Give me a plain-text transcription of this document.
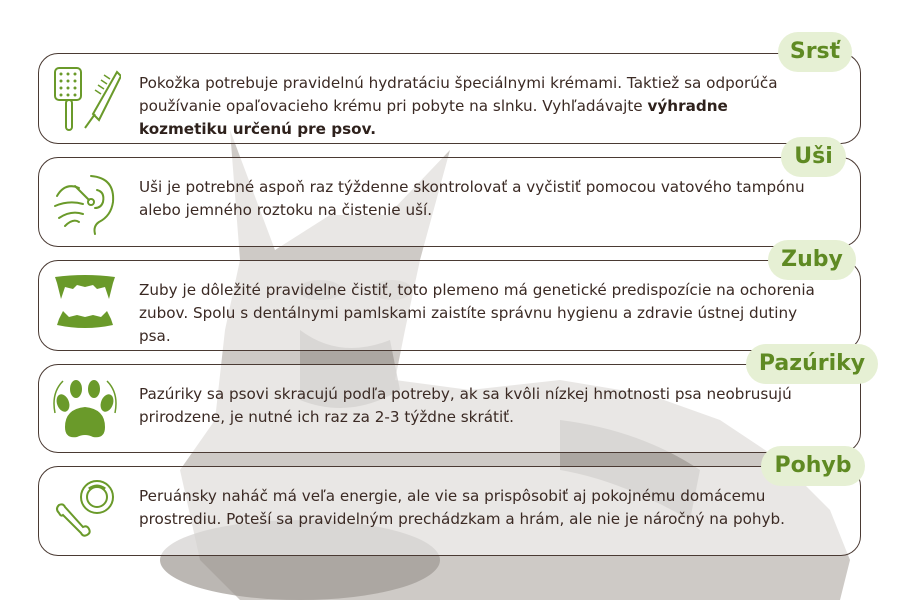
Pokožka potrebuje pravidelnú hydratáciu špeciálnymi krémami. Taktiež sa odporúča používanie opaľovacieho krému pri pobyte na slnku. Vyhľadávajte výhradne kozmetiku určenú pre psov.
Srsť
Uši je potrebné aspoň raz týždenne skontrolovať a vyčistiť pomocou vatového tampónu alebo jemného roztoku na čistenie uší.
Uši
Zuby je dôležité pravidelne čistiť, toto plemeno má genetické predispozície na ochorenia zubov. Spolu s dentálnymi pamlskami zaistíte správnu hygienu a zdravie ústnej dutiny psa.
Zuby
Pazúriky sa psovi skracujú podľa potreby, ak sa kvôli nízkej hmotnosti psa neobrusujú prirodzene, je nutné ich raz za 2-3 týždne skrátiť.
Pazúriky
Peruánsky naháč má veľa energie, ale vie sa prispôsobiť aj pokojnému domácemu prostrediu. Poteší sa pravidelným prechádzkam a hrám, ale nie je náročný na pohyb.
Pohyb
